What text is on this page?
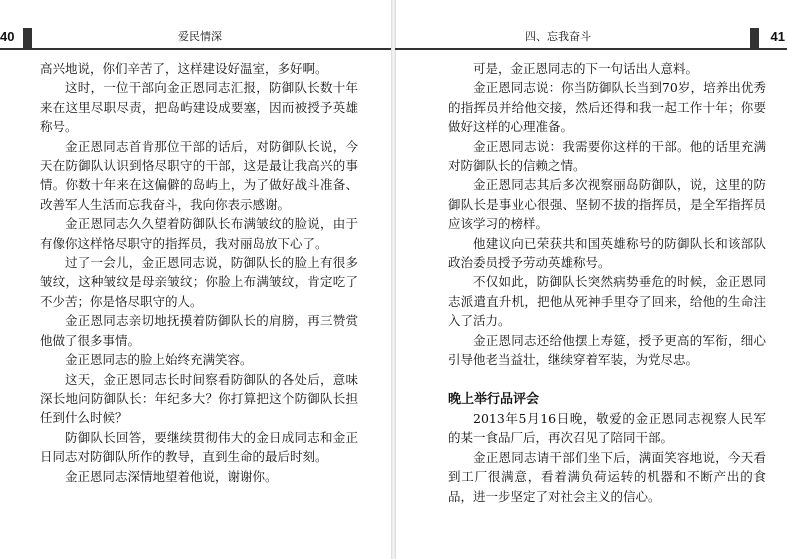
40	爱民情深

高兴地说，你们辛苦了，这样建设好温室，多好啊。

这时，一位干部向金正恩同志汇报，防御队长数十年来在这里尽职尽责，把岛屿建设成要塞，因而被授予英雄称号。

金正恩同志首肯那位干部的话后，对防御队长说，今天在防御队认识到恪尽职守的干部，这是最让我高兴的事情。你数十年来在这偏僻的岛屿上，为了做好战斗准备、改善军人生活而忘我奋斗，我向你表示感谢。

金正恩同志久久望着防御队长布满皱纹的脸说，由于有像你这样恪尽职守的指挥员，我对丽岛放下心了。

过了一会儿，金正恩同志说，防御队长的脸上有很多皱纹，这种皱纹是母亲皱纹；你脸上布满皱纹，肯定吃了不少苦；你是恪尽职守的人。

金正恩同志亲切地抚摸着防御队长的肩膀，再三赞赏他做了很多事情。

金正恩同志的脸上始终充满笑容。

这天，金正恩同志长时间察看防御队的各处后，意味深长地问防御队长：年纪多大？你打算把这个防御队长担任到什么时候？

防御队长回答，要继续贯彻伟大的金日成同志和金正日同志对防御队所作的教导，直到生命的最后时刻。

金正恩同志深情地望着他说，谢谢你。

四、忘我奋斗	41

可是，金正恩同志的下一句话出人意料。

金正恩同志说：你当防御队长当到70岁，培养出优秀的指挥员并给他交接，然后还得和我一起工作十年；你要做好这样的心理准备。

金正恩同志说：我需要你这样的干部。他的话里充满对防御队长的信赖之情。

金正恩同志其后多次视察丽岛防御队，说，这里的防御队长是事业心很强、坚韧不拔的指挥员，是全军指挥员应该学习的榜样。

他建议向已荣获共和国英雄称号的防御队长和该部队政治委员授予劳动英雄称号。

不仅如此，防御队长突然病势垂危的时候，金正恩同志派遣直升机，把他从死神手里夺了回来，给他的生命注入了活力。

金正恩同志还给他摆上寿筵，授予更高的军衔，细心引导他老当益壮，继续穿着军装，为党尽忠。

晚上举行品评会

2013年5月16日晚，敬爱的金正恩同志视察人民军的某一食品厂后，再次召见了陪同干部。

金正恩同志请干部们坐下后，满面笑容地说，今天看到工厂很满意，看着满负荷运转的机器和不断产出的食品，进一步坚定了对社会主义的信心。
